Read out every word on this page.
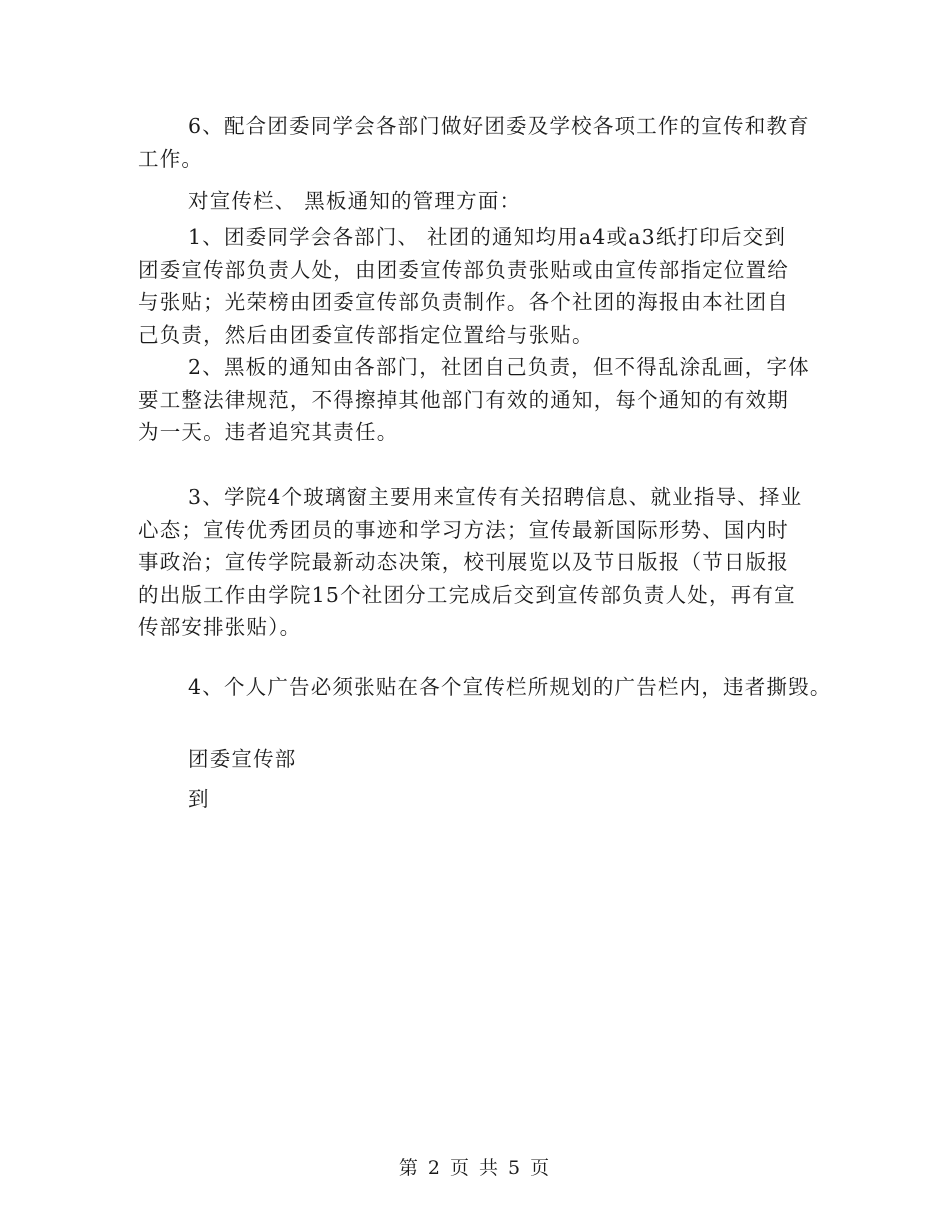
6、配合团委同学会各部门做好团委及学校各项工作的宣传和教育
工作。

对宣传栏、 黑板通知的管理方面：

1、团委同学会各部门、 社团的通知均用a4或a3纸打印后交到
团委宣传部负责人处，由团委宣传部负责张贴或由宣传部指定位置给
与张贴；光荣榜由团委宣传部负责制作。各个社团的海报由本社团自
己负责，然后由团委宣传部指定位置给与张贴。

2、黑板的通知由各部门，社团自己负责，但不得乱涂乱画，字体
要工整法律规范，不得擦掉其他部门有效的通知，每个通知的有效期
为一天。违者追究其责任。

3、学院4个玻璃窗主要用来宣传有关招聘信息、就业指导、择业
心态；宣传优秀团员的事迹和学习方法；宣传最新国际形势、国内时
事政治；宣传学院最新动态决策，校刊展览以及节日版报（节日版报
的出版工作由学院15个社团分工完成后交到宣传部负责人处，再有宣
传部安排张贴）。

4、个人广告必须张贴在各个宣传栏所规划的广告栏内，违者撕毁。

团委宣传部
到
第 2 页 共 5 页
